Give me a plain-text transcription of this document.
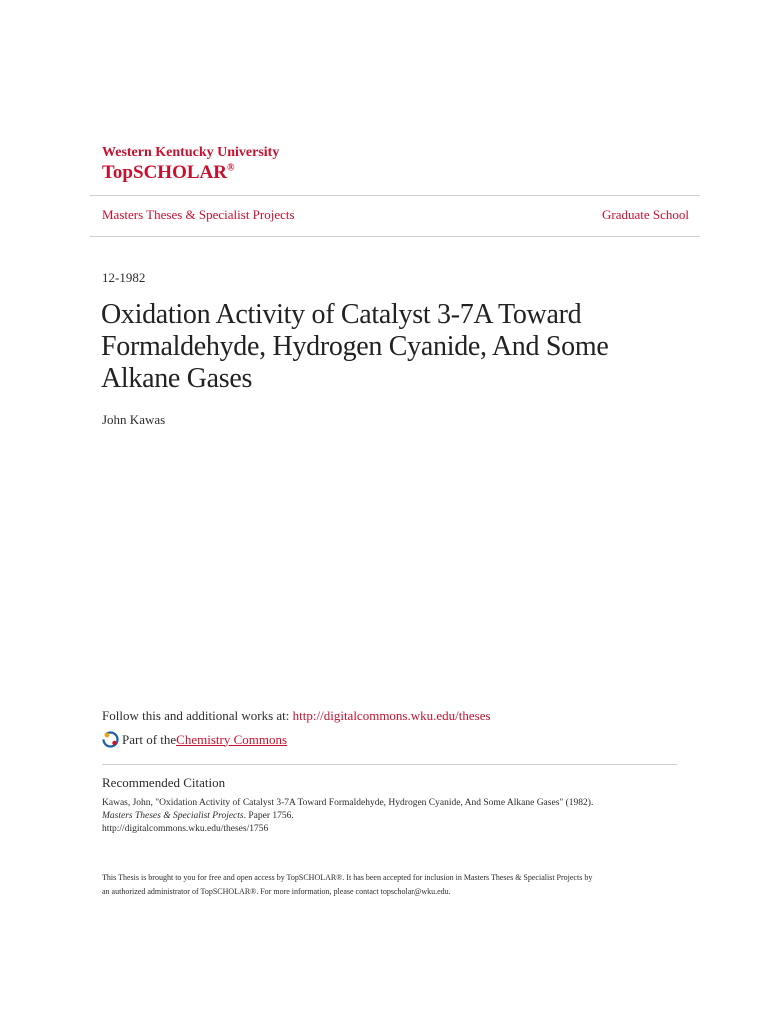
Western Kentucky University
TopSCHOLAR®
Masters Theses & Specialist Projects	Graduate School
12-1982
Oxidation Activity of Catalyst 3-7A Toward
Formaldehyde, Hydrogen Cyanide, And Some
Alkane Gases
John Kawas
Follow this and additional works at: http://digitalcommons.wku.edu/theses
Part of the Chemistry Commons
Recommended Citation
Kawas, John, "Oxidation Activity of Catalyst 3-7A Toward Formaldehyde, Hydrogen Cyanide, And Some Alkane Gases" (1982).
Masters Theses & Specialist Projects. Paper 1756.
http://digitalcommons.wku.edu/theses/1756
This Thesis is brought to you for free and open access by TopSCHOLAR®. It has been accepted for inclusion in Masters Theses & Specialist Projects by
an authorized administrator of TopSCHOLAR®. For more information, please contact topscholar@wku.edu.
